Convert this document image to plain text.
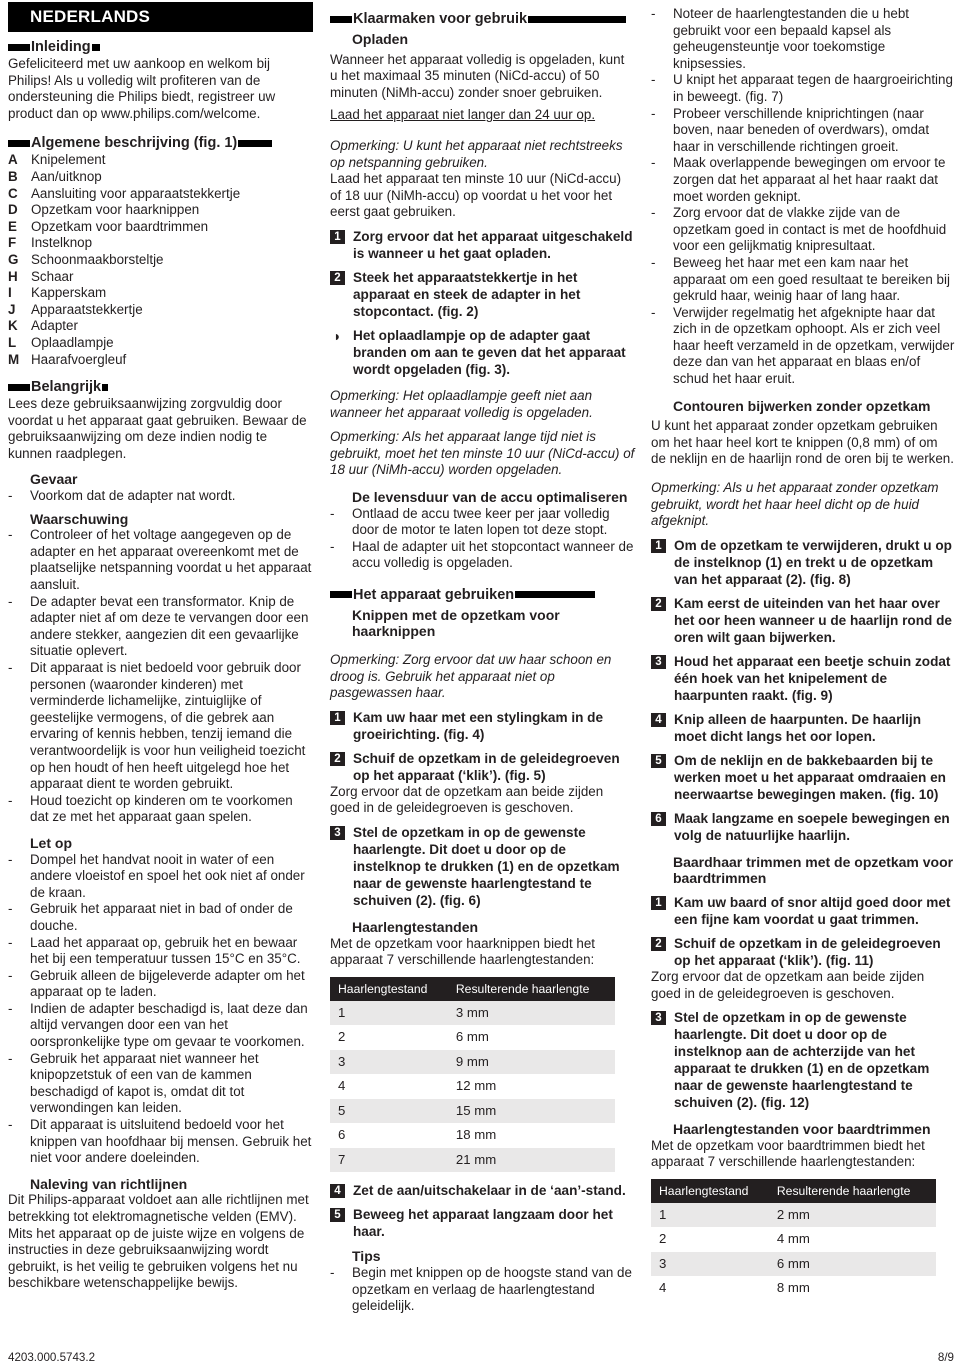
NEDERLANDS
Inleiding

Gefeliciteerd met uw aankoop en welkom bij Philips! Als u volledig wilt profiteren van de ondersteuning die Philips biedt, registreer uw product dan op www.philips.com/welcome.

Algemene beschrijving (fig. 1)
A Knipelement
B Aan/uitknop
C Aansluiting voor apparaatstekkertje
D Opzetkam voor haarknippen
E	Opzetkam voor baardtrimmen
F	Instelknop
G Schoonmaakborsteltje
H Schaar
I	Kapperskam
J	Apparaatstekkertje
K Adapter
L	Oplaadlampje
M Haarafvoergleuf
Belangrijk

Lees deze gebruiksaanwijzing zorgvuldig door voordat u het apparaat gaat gebruiken. Bewaar de gebruiksaanwijzing om deze indien nodig te kunnen raadplegen.

Gevaar
-	Voorkom dat de adapter nat wordt.
Waarschuwing
-	Controleer of het voltage aangegeven op de adapter en het apparaat overeenkomt met de plaatselijke netspanning voordat u het apparaat aansluit.
-	De adapter bevat een transformator. Knip de adapter niet af om deze te vervangen door een andere stekker, aangezien dit een gevaarlijke situatie oplevert.
-	Dit apparaat is niet bedoeld voor gebruik door personen (waaronder kinderen) met verminderde lichamelijke, zintuiglijke of geestelijke vermogens, of die gebrek aan ervaring of kennis hebben, tenzij iemand die verantwoordelijk is voor hun veiligheid toezicht op hen houdt of hen heeft uitgelegd hoe het apparaat dient te worden gebruikt.
-	Houd toezicht op kinderen om te voorkomen dat ze met het apparaat gaan spelen.
Let op
-	Dompel het handvat nooit in water of een andere vloeistof en spoel het ook niet af onder de kraan.
-	Gebruik het apparaat niet in bad of onder de douche.
-	Laad het apparaat op, gebruik het en bewaar het bij een temperatuur tussen 15°C en 35°C.
-	Gebruik alleen de bijgeleverde adapter om het apparaat op te laden.
-	Indien de adapter beschadigd is, laat deze dan altijd vervangen door een van het oorspronkelijke type om gevaar te voorkomen.
-	Gebruik het apparaat niet wanneer het knipopzetstuk of een van de kammen beschadigd of kapot is, omdat dit tot verwondingen kan leiden.
-	Dit apparaat is uitsluitend bedoeld voor het knippen van hoofdhaar bij mensen. Gebruik het niet voor andere doeleinden.
Naleving van richtlijnen

Dit Philips-apparaat voldoet aan alle richtlijnen met betrekking tot elektromagnetische velden (EMV). Mits het apparaat op de juiste wijze en volgens de instructies in deze gebruiksaanwijzing wordt gebruikt, is het veilig te gebruiken volgens het nu beschikbare wetenschappelijke bewijs.

Klaarmaken voor gebruik
Opladen

Wanneer het apparaat volledig is opgeladen, kunt u het maximaal 35 minuten (NiCd-accu) of 50 minuten (NiMh-accu) zonder snoer gebruiken.

Laad het apparaat niet langer dan 24 uur op.

Opmerking: U kunt het apparaat niet rechtstreeks op netspanning gebruiken.

Laad het apparaat ten minste 10 uur (NiCd-accu) of 18 uur (NiMh-accu) op voordat u het voor het eerst gaat gebruiken.

1 Zorg ervoor dat het apparaat uitgeschakeld is wanneer u het gaat opladen.
2 Steek het apparaatstekkertje in het apparaat en steek de adapter in het stopcontact. (fig. 2)
◗ Het oplaadlampje op de adapter gaat branden om aan te geven dat het apparaat wordt opgeladen (fig. 3).

Opmerking: Het oplaadlampje geeft niet aan wanneer het apparaat volledig is opgeladen.

Opmerking: Als het apparaat lange tijd niet is gebruikt, moet het ten minste 10 uur (NiCd-accu) of 18 uur (NiMh-accu) worden opgeladen.

De levensduur van de accu optimaliseren
-	Ontlaad de accu twee keer per jaar volledig door de motor te laten lopen tot deze stopt.
-	Haal de adapter uit het stopcontact wanneer de accu volledig is opgeladen.
Het apparaat gebruiken
Knippen met de opzetkam voor haarknippen

Opmerking: Zorg ervoor dat uw haar schoon en droog is. Gebruik het apparaat niet op pasgewassen haar.

1 Kam uw haar met een stylingkam in de groeirichting. (fig. 4)
2 Schuif de opzetkam in de geleidegroeven op het apparaat (‘klik’). (fig. 5)

Zorg ervoor dat de opzetkam aan beide zijden goed in de geleidegroeven is geschoven.

3 Stel de opzetkam in op de gewenste haarlengte. Dit doet u door op de instelknop te drukken (1) en de opzetkam naar de gewenste haarlengtestand te schuiven (2). (fig. 6)
Haarlengtestanden

Met de opzetkam voor haarknippen biedt het apparaat 7 verschillende haarlengtestanden:

Haarlengtestand	Resulterende haarlengte
1	3 mm
2	6 mm
3	9 mm
4	12 mm
5	15 mm
6	18 mm
7	21 mm
4 Zet de aan/uitschakelaar in de ‘aan’-stand.
5 Beweeg het apparaat langzaam door het haar.
Tips
-	Begin met knippen op de hoogste stand van de opzetkam en verlaag de haarlengtestand geleidelijk.
-	Noteer de haarlengtestanden die u hebt gebruikt voor een bepaald kapsel als geheugensteuntje voor toekomstige knipsessies.
-	U knipt het apparaat tegen de haargroeirichting in beweegt. (fig. 7)
-	Probeer verschillende kniprichtingen (naar boven, naar beneden of overdwars), omdat haar in verschillende richtingen groeit.
-	Maak overlappende bewegingen om ervoor te zorgen dat het apparaat al het haar raakt dat moet worden geknipt.
-	Zorg ervoor dat de vlakke zijde van de opzetkam goed in contact is met de hoofdhuid voor een gelijkmatig knipresultaat.
-	Beweeg het haar met een kam naar het apparaat om een goed resultaat te bereiken bij gekruld haar, weinig haar of lang haar.
-	Verwijder regelmatig het afgeknipte haar dat zich in de opzetkam ophoopt. Als er zich veel haar heeft verzameld in de opzetkam, verwijder deze dan van het apparaat en blaas en/of schud het haar eruit.
Contouren bijwerken zonder opzetkam

U kunt het apparaat zonder opzetkam gebruiken om het haar heel kort te knippen (0,8 mm) of om de neklijn en de haarlijn rond de oren bij te werken.

Opmerking: Als u het apparaat zonder opzetkam gebruikt, wordt het haar heel dicht op de huid afgeknipt.

1 Om de opzetkam te verwijderen, drukt u op de instelknop (1) en trekt u de opzetkam van het apparaat (2). (fig. 8)
2 Kam eerst de uiteinden van het haar over het oor heen wanneer u de haarlijn rond de oren wilt gaan bijwerken.
3 Houd het apparaat een beetje schuin zodat één hoek van het knipelement de haarpunten raakt. (fig. 9)
4 Knip alleen de haarpunten. De haarlijn moet dicht langs het oor lopen.
5 Om de neklijn en de bakkebaarden bij te werken moet u het apparaat omdraaien en neerwaartse bewegingen maken. (fig. 10)
6 Maak langzame en soepele bewegingen en volg de natuurlijke haarlijn.
Baardhaar trimmen met de opzetkam voor baardtrimmen
1 Kam uw baard of snor altijd goed door met een fijne kam voordat u gaat trimmen.
2 Schuif de opzetkam in de geleidegroeven op het apparaat (‘klik’). (fig. 11)

Zorg ervoor dat de opzetkam aan beide zijden goed in de geleidegroeven is geschoven.

3 Stel de opzetkam in op de gewenste haarlengte. Dit doet u door op de instelknop aan de achterzijde van het apparaat te drukken (1) en de opzetkam naar de gewenste haarlengtestand te schuiven (2). (fig. 12)
Haarlengtestanden voor baardtrimmen

Met de opzetkam voor baardtrimmen biedt het apparaat 7 verschillende haarlengtestanden:

Haarlengtestand	Resulterende haarlengte
1	2 mm
2	4 mm
3	6 mm
4	8 mm
4203.000.5743.2	8/9
